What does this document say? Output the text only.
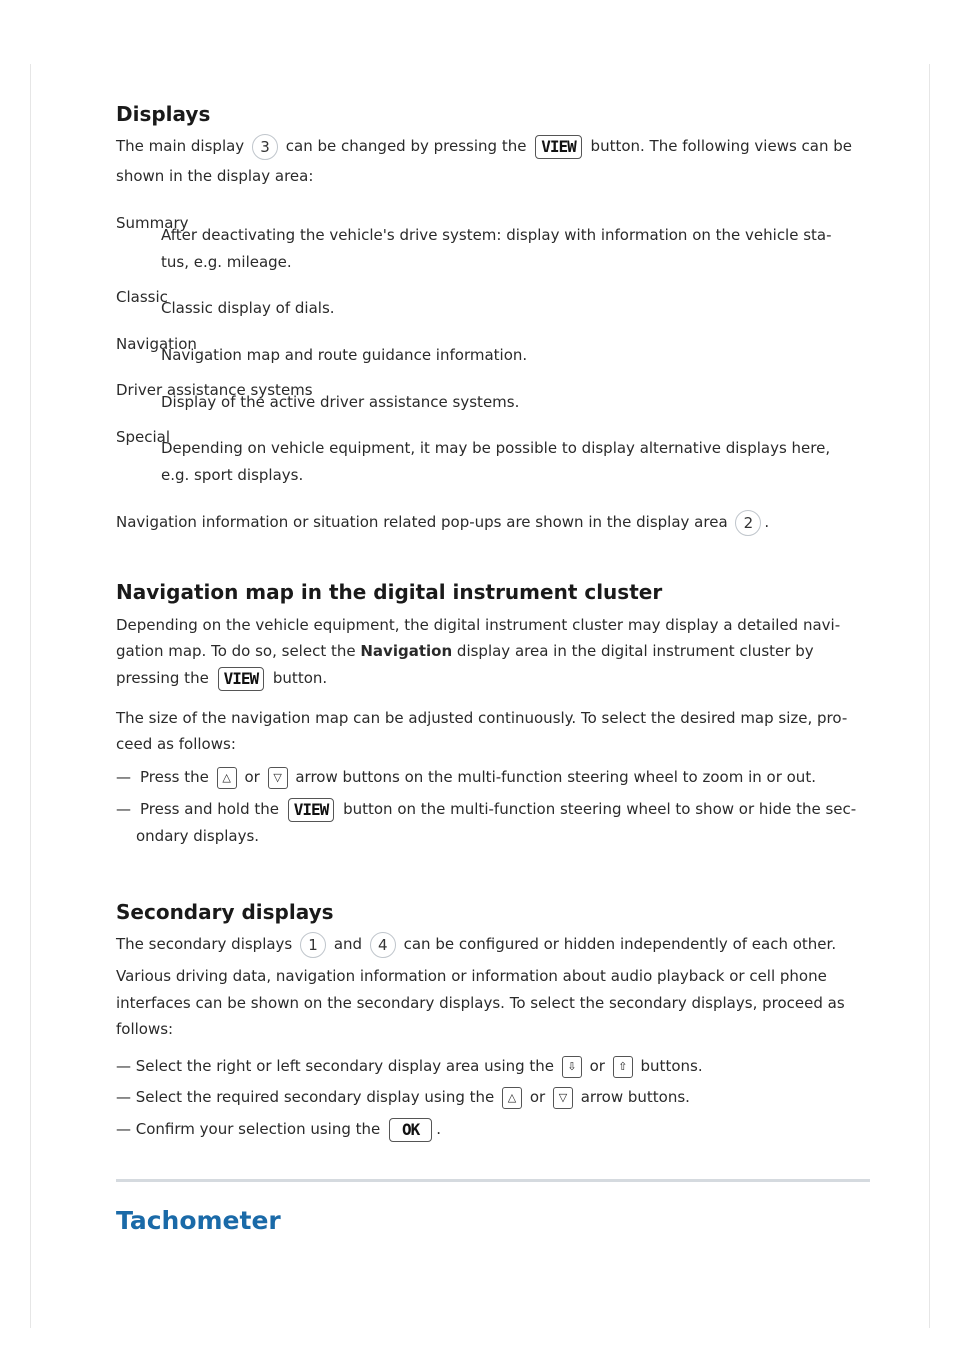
Displays
The main display 3 can be changed by pressing the VIEW button. The following views can be
shown in the display area:
Summary
After deactivating the vehicle's drive system: display with information on the vehicle sta-
tus, e.g. mileage.
Classic
Classic display of dials.
Navigation
Navigation map and route guidance information.
Driver assistance systems
Display of the active driver assistance systems.
Special
Depending on vehicle equipment, it may be possible to display alternative displays here,
e.g. sport displays.
Navigation information or situation related pop-ups are shown in the display area 2 .
Navigation map in the digital instrument cluster
Depending on the vehicle equipment, the digital instrument cluster may display a detailed navi-
gation map. To do so, select the Navigation display area in the digital instrument cluster by
pressing the VIEW button.
The size of the navigation map can be adjusted continuously. To select the desired map size, pro-
ceed as follows:
— Press the △ or ▽ arrow buttons on the multi-function steering wheel to zoom in or out.
— Press and hold the VIEW button on the multi-function steering wheel to show or hide the sec-
ondary displays.
Secondary displays
The secondary displays 1 and 4 can be configured or hidden independently of each other.
Various driving data, navigation information or information about audio playback or cell phone
interfaces can be shown on the secondary displays. To select the secondary displays, proceed as
follows:
— Select the right or left secondary display area using the ⇩ or ⇧ buttons.
— Select the required secondary display using the △ or ▽ arrow buttons.
— Confirm your selection using the OK .
Tachometer
